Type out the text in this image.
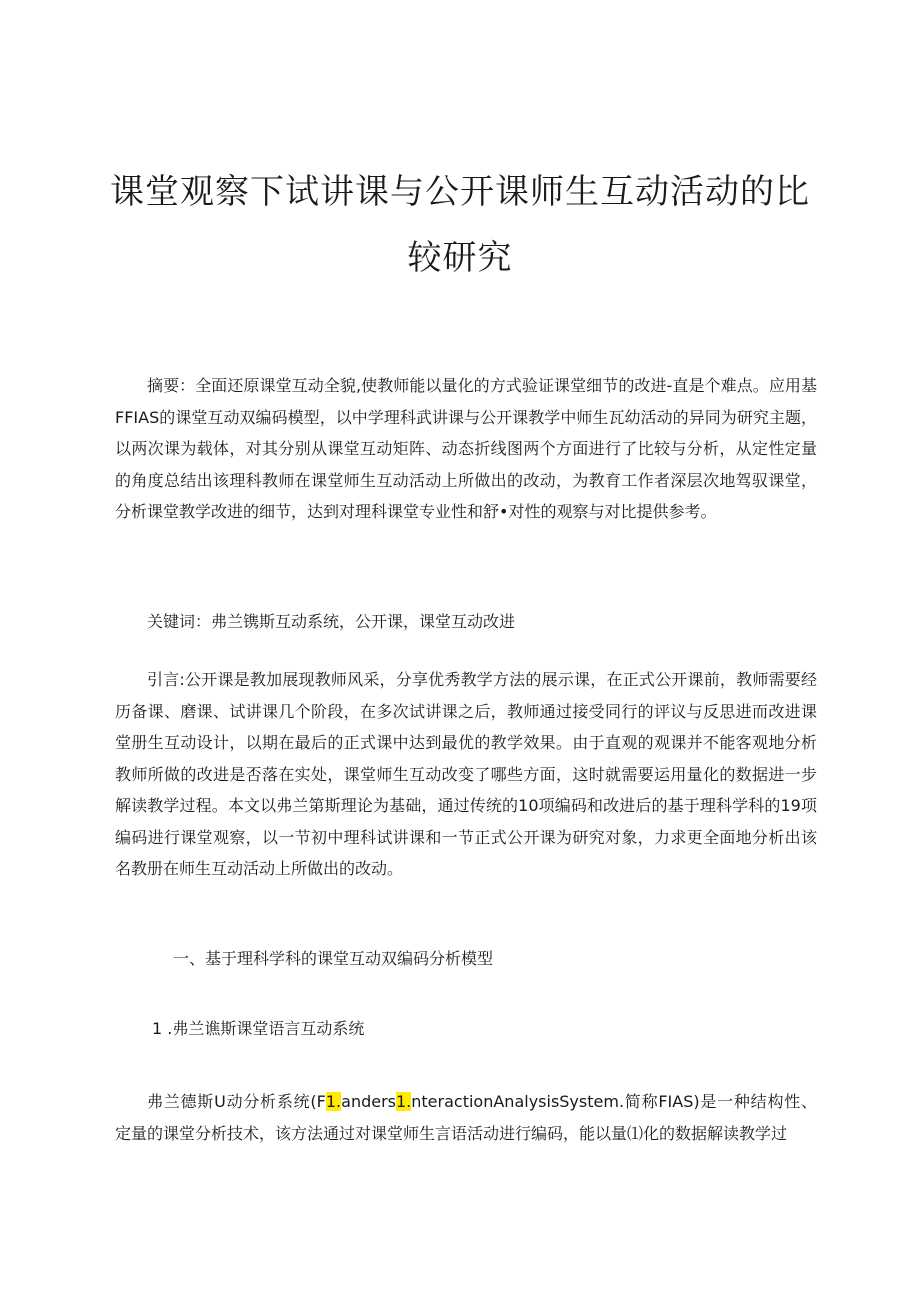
课堂观察下试讲课与公开课师生互动活动的比
较研究

摘要：全面还原课堂互动全貌,使教师能以量化的方式验证课堂细节的改进-直是个难点。应用基FFIAS的课堂互动双编码模型，以中学理科武讲课与公开课教学中师生瓦幼活动的异同为研究主题，以两次课为载体，对其分别从课堂互动矩阵、动态折线图两个方面进行了比较与分析，从定性定量的角度总结出该理科教师在课堂师生互动活动上所做出的改动，为教育工作者深层次地驾驭课堂，分析课堂教学改进的细节，达到对理科课堂专业性和舒•对性的观察与对比提供参考。

关键词：弗兰镌斯互动系统，公开课，课堂互动改进

引言:公开课是教加展现教师风采，分享优秀教学方法的展示课，在正式公开课前，教师需要经历备课、磨课、试讲课几个阶段，在多次试讲课之后，教师通过接受同行的评议与反思进而改进课堂册生互动设计，以期在最后的正式课中达到最优的教学效果。由于直观的观课并不能客观地分析教师所做的改进是否落在实处，课堂师生互动改变了哪些方面，这时就需要运用量化的数据进一步解读教学过程。本文以弗兰第斯理论为基础，通过传统的10项编码和改进后的基于理科学科的19项编码进行课堂观察，以一节初中理科试讲课和一节正式公开课为研究对象，力求更全面地分析出该名教册在师生互动活动上所做出的改动。

一、基于理科学科的课堂互动双编码分析模型

1 .弗兰谯斯课堂语言互动系统

弗兰德斯U动分析系统(F1.anders1.nteractionAnalysisSystem.简称FIAS)是一种结构性、定量的课堂分析技术，该方法通过对课堂师生言语活动进行编码，能以量⑴化的数据解读教学过
